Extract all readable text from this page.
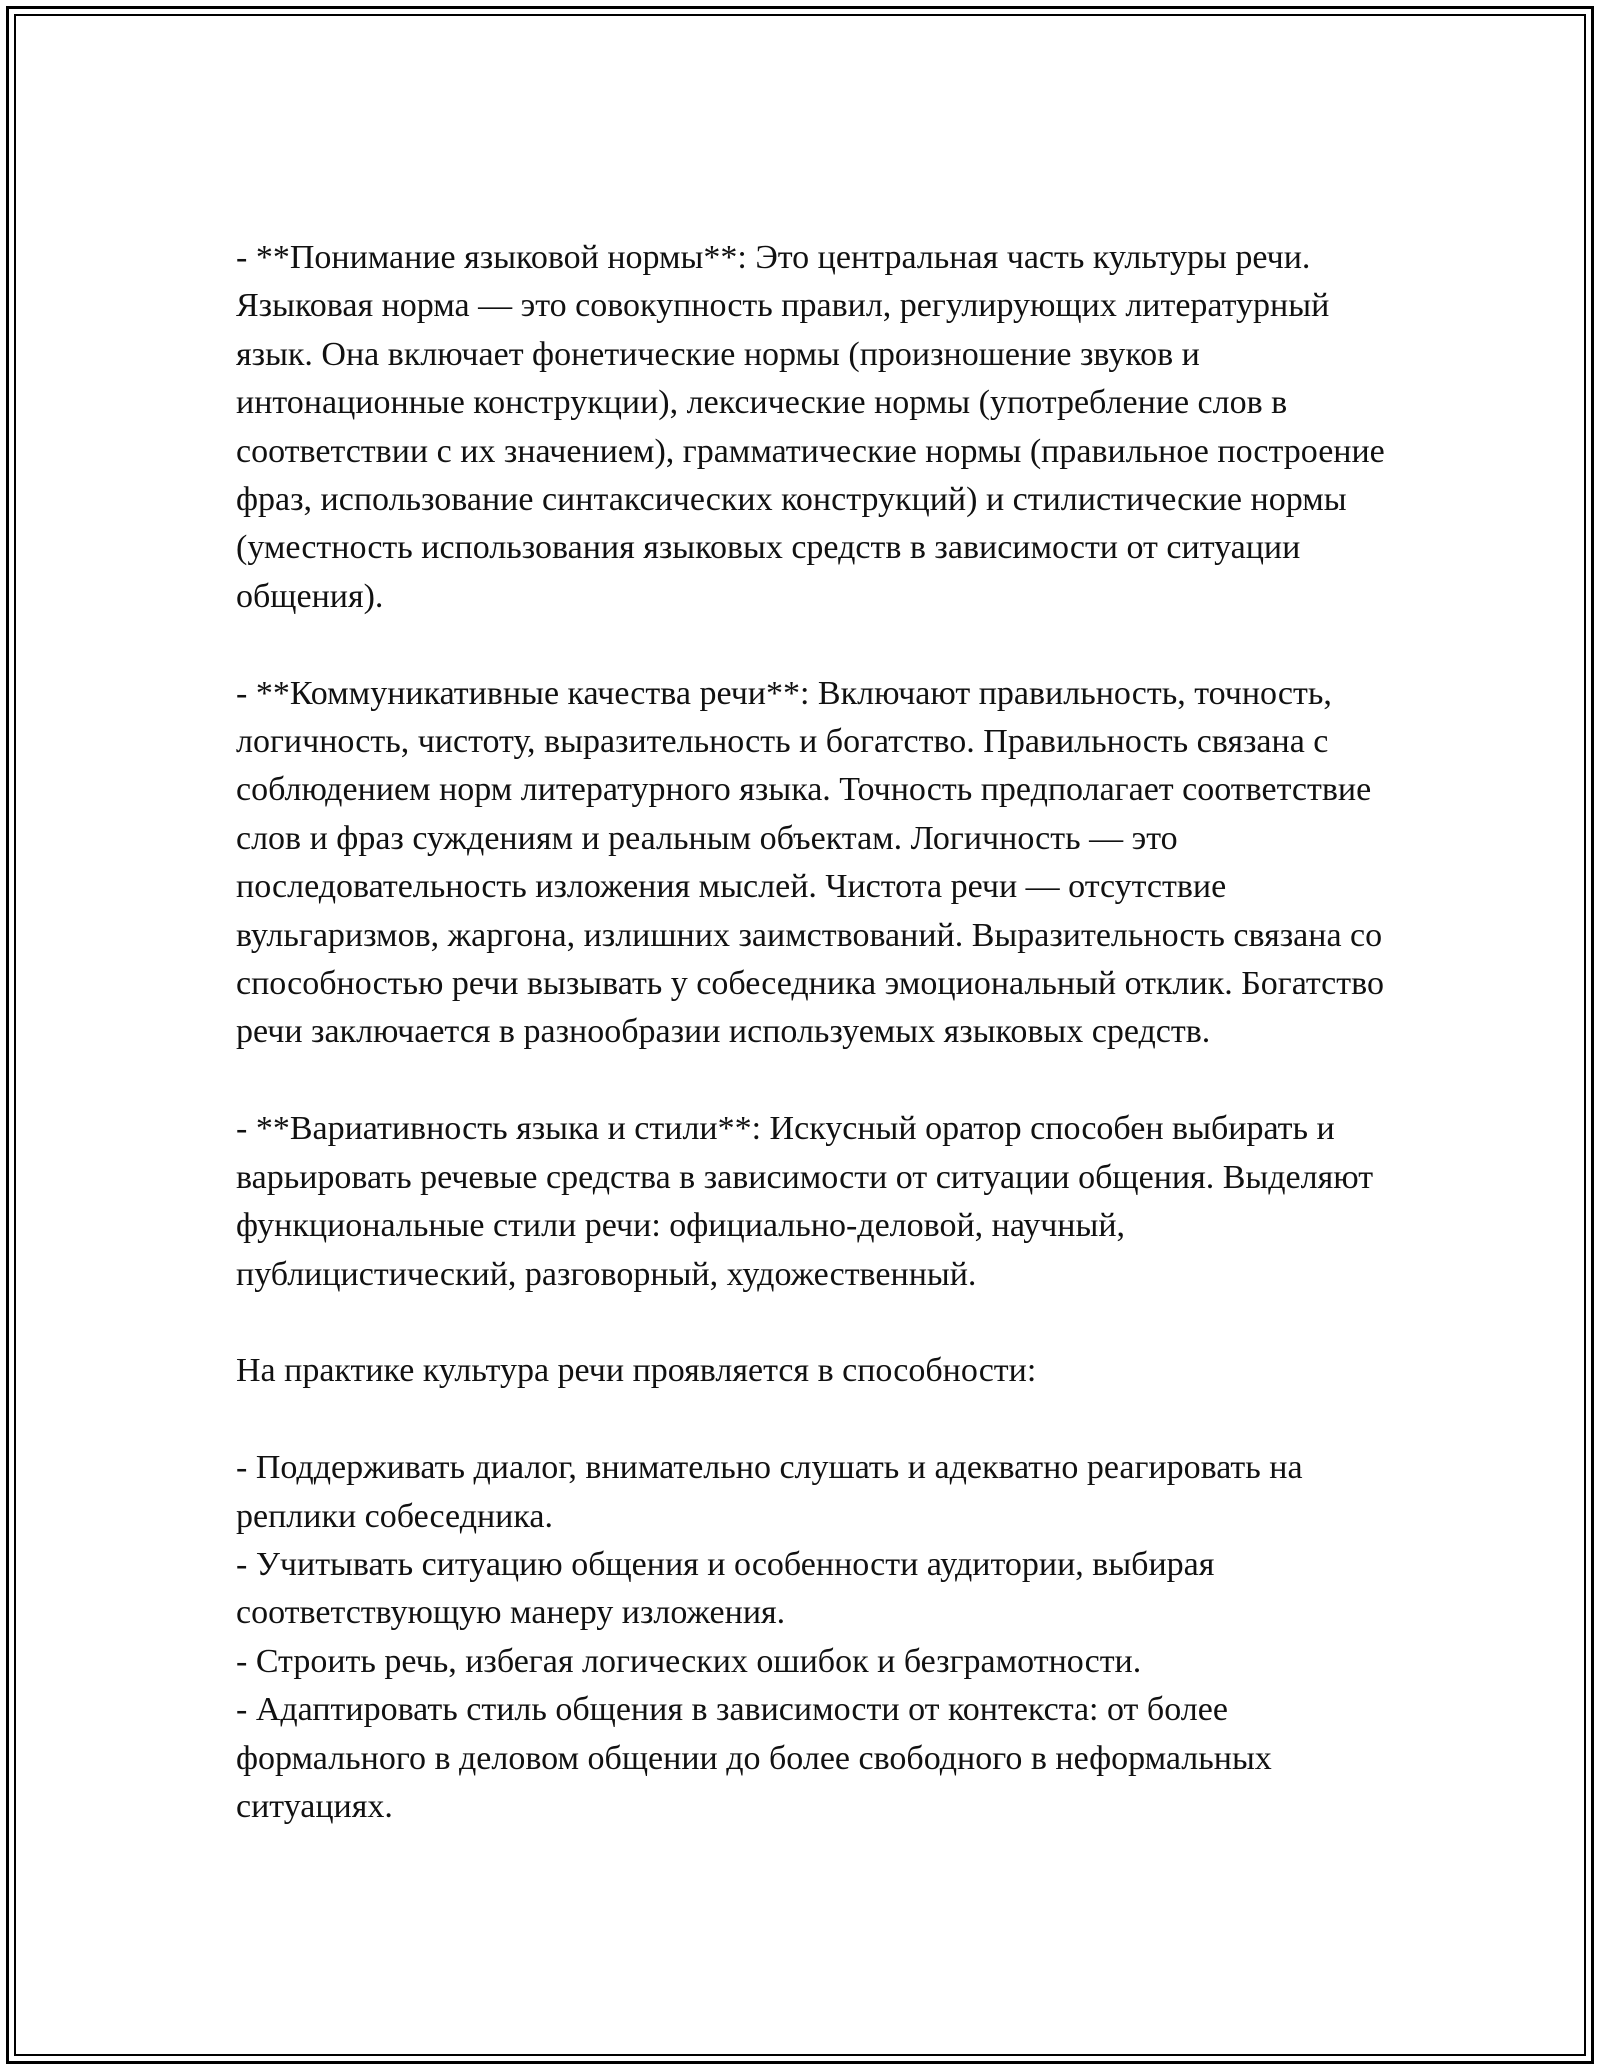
- **Понимание языковой нормы**: Это центральная часть культуры речи. Языковая норма — это совокупность правил, регулирующих литературный язык. Она включает фонетические нормы (произношение звуков и интонационные конструкции), лексические нормы (употребление слов в соответствии с их значением), грамматические нормы (правильное построение фраз, использование синтаксических конструкций) и стилистические нормы (уместность использования языковых средств в зависимости от ситуации общения).

- **Коммуникативные качества речи**: Включают правильность, точность, логичность, чистоту, выразительность и богатство. Правильность связана с соблюдением норм литературного языка. Точность предполагает соответствие слов и фраз суждениям и реальным объектам. Логичность — это последовательность изложения мыслей. Чистота речи — отсутствие вульгаризмов, жаргона, излишних заимствований. Выразительность связана со способностью речи вызывать у собеседника эмоциональный отклик. Богатство речи заключается в разнообразии используемых языковых средств.

- **Вариативность языка и стили**: Искусный оратор способен выбирать и варьировать речевые средства в зависимости от ситуации общения. Выделяют функциональные стили речи: официально-деловой, научный, публицистический, разговорный, художественный.

На практике культура речи проявляется в способности:

- Поддерживать диалог, внимательно слушать и адекватно реагировать на реплики собеседника.

- Учитывать ситуацию общения и особенности аудитории, выбирая соответствующую манеру изложения.

- Строить речь, избегая логических ошибок и безграмотности.

- Адаптировать стиль общения в зависимости от контекста: от более формального в деловом общении до более свободного в неформальных ситуациях.
